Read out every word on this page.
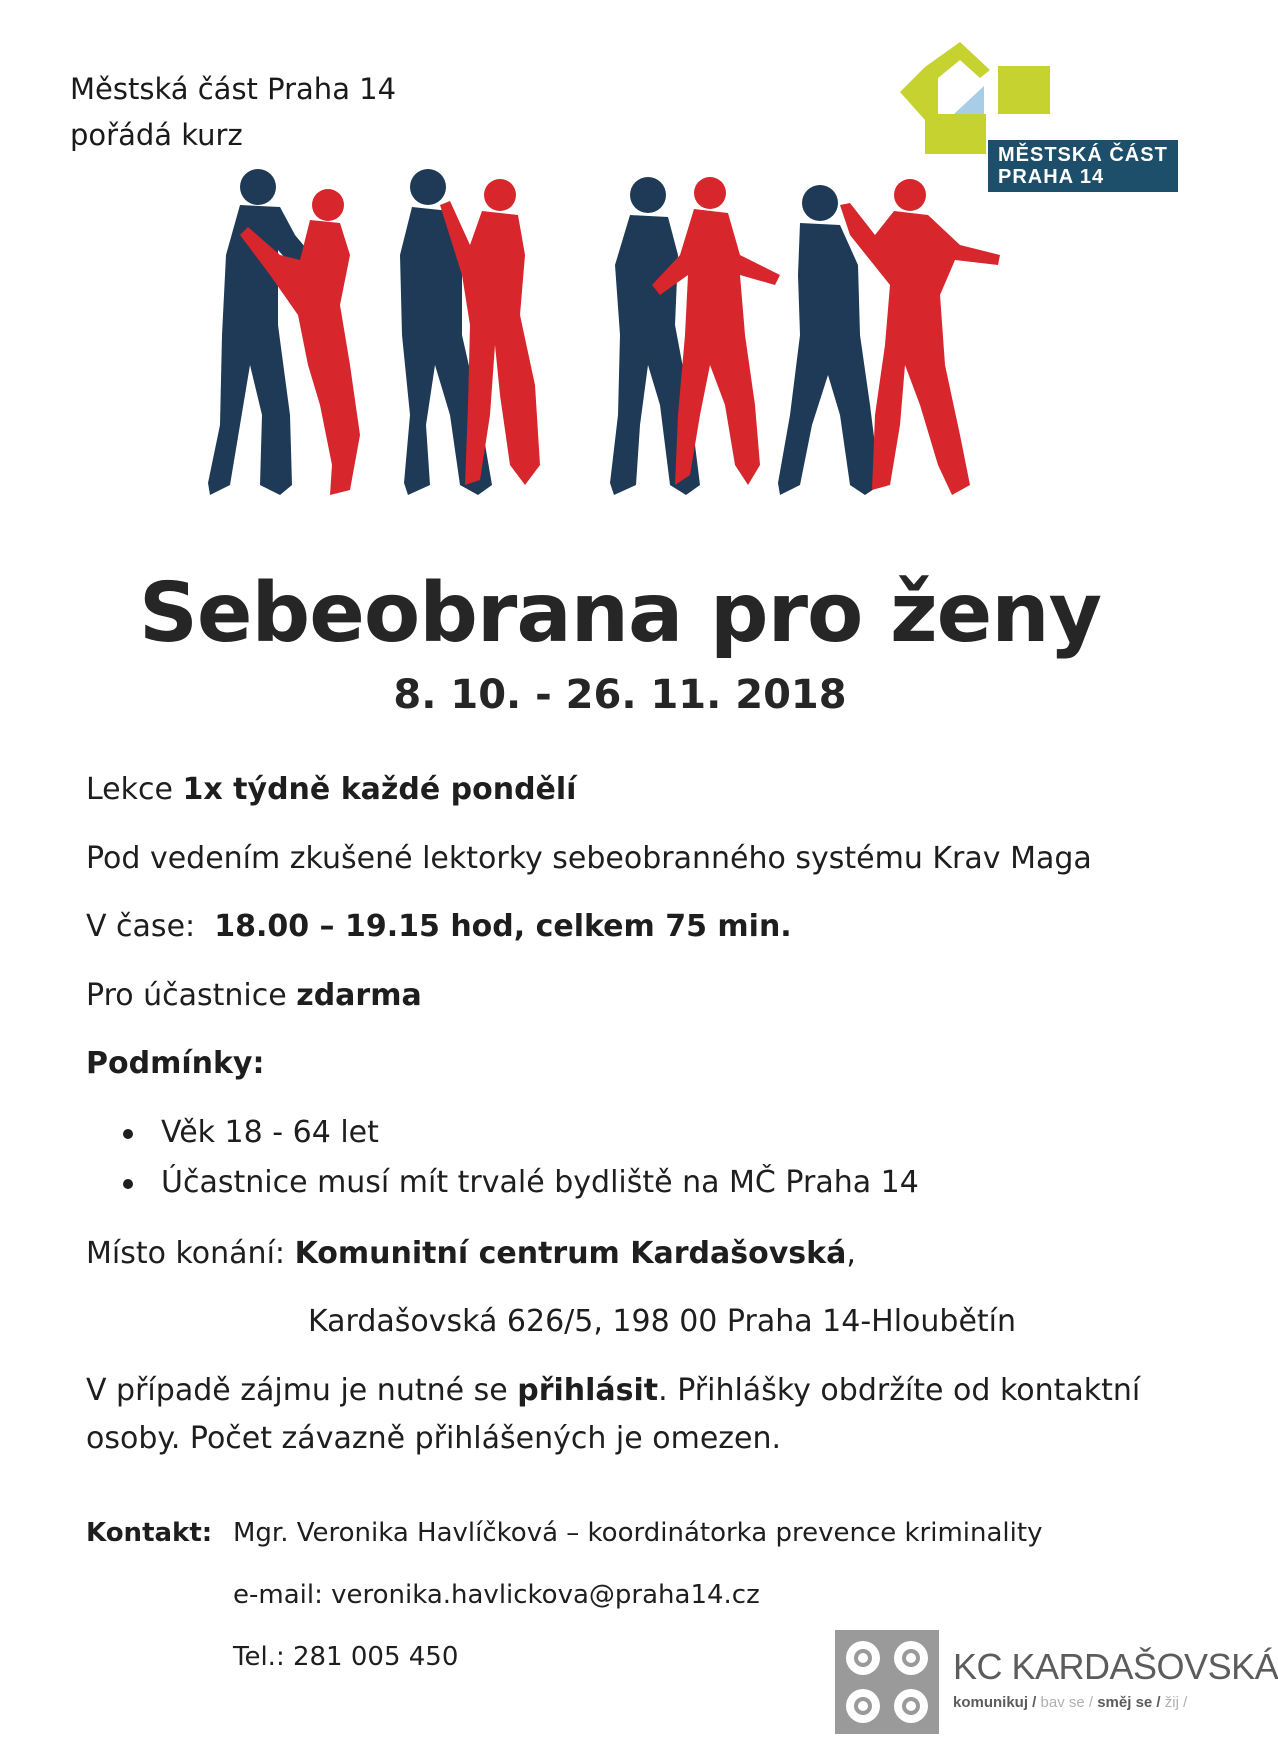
Městská část Praha 14
pořádá kurz
MĚSTSKÁ ČÁST
PRAHA 14
Sebeobrana pro ženy
8. 10. - 26. 11. 2018
Lekce 1x týdně každé pondělí
Pod vedením zkušené lektorky sebeobranného systému Krav Maga
V čase:  18.00 – 19.15 hod, celkem 75 min.
Pro účastnice zdarma
Podmínky:
Věk 18 - 64 let
Účastnice musí mít trvalé bydliště na MČ Praha 14
Místo konání: Komunitní centrum Kardašovská,
Kardašovská 626/5, 198 00 Praha 14-Hloubětín
V případě zájmu je nutné se přihlásit. Přihlášky obdržíte od kontaktní
osoby. Počet závazně přihlášených je omezen.
Kontakt: Mgr. Veronika Havlíčková – koordinátorka prevence kriminality
e-mail: veronika.havlickova@praha14.cz
Tel.: 281 005 450	KC KARDAŠOVSKÁ
komunikuj / bav se / směj se / žij /
